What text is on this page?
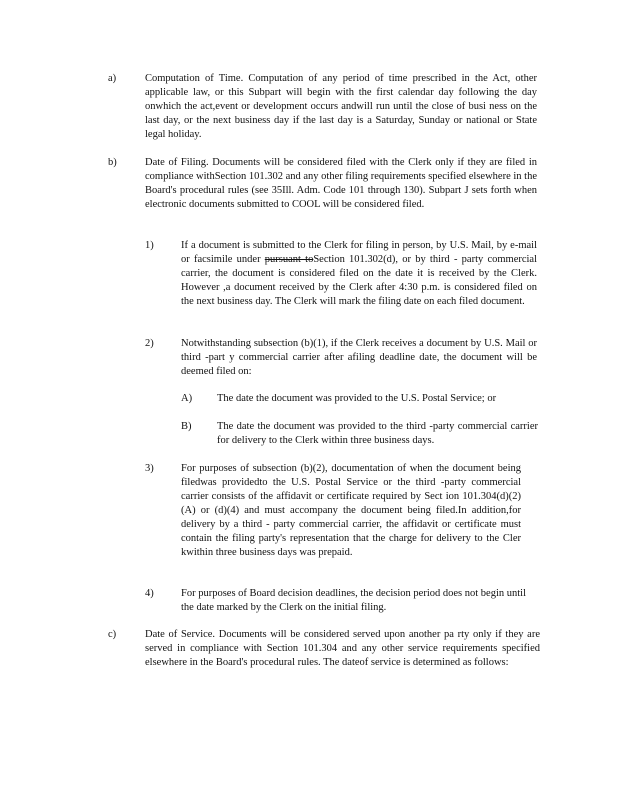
a)	Computation of Time. Computation of any period of time prescribed in the Act, other applicable law, or this Subpart will begin with the first calendar day following the day onwhich the act,event or development occurs andwill run until the close of busi ness on the last day, or the next business day if the last day is a Saturday, Sunday or national or State legal holiday.
b)	Date of Filing. Documents will be considered filed with the Clerk only if they are filed in compliance withSection 101.302 and any other filing requirements specified elsewhere in the Board's procedural rules (see 35Ill. Adm. Code 101 through 130). Subpart J sets forth when electronic documents submitted to COOL will be considered filed.
1)	If a document is submitted to the Clerk for filing in person, by U.S. Mail, by e-mail or facsimile under pursuant toSection 101.302(d), or by third - party commercial carrier, the document is considered filed on the date it is received by the Clerk. However ,a document received by the Clerk after 4:30 p.m. is considered filed on the next business day. The Clerk will mark the filing date on each filed document.
2)	Notwithstanding subsection (b)(1), if the Clerk receives a document by U.S. Mail or third -part y commercial carrier after afiling deadline date, the document will be deemed filed on:
A) The date the document was provided to the U.S. Postal Service; or
B) The date the document was provided to the third -party commercial carrier for delivery to the Clerk within three business days.
3)	For purposes of subsection (b)(2), documentation of when the document being filedwas providedto the U.S. Postal Service or the third -party commercial carrier consists of the affidavit or certificate required by Sect ion 101.304(d)(2)(A) or (d)(4) and must accompany the document being filed.In addition,for delivery by a third - party commercial carrier, the affidavit or certificate must contain the filing party's representation that the charge for delivery to the Cler kwithin three business days was prepaid.
4)	For purposes of Board decision deadlines, the decision period does not begin until the date marked by the Clerk on the initial filing.
c)	Date of Service. Documents will be considered served upon another pa rty only if they are served in compliance with Section 101.304 and any other service requirements specified elsewhere in the Board's procedural rules. The dateof service is determined as follows:
